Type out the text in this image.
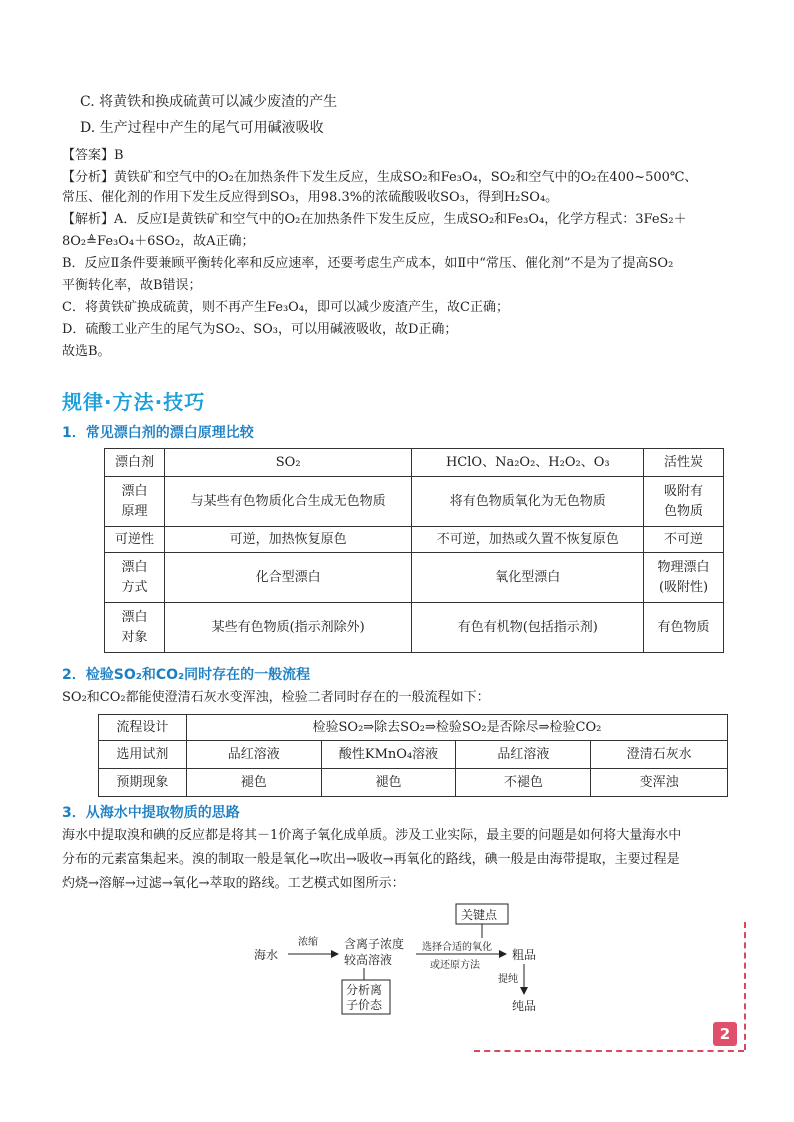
C. 将黄铁和换成硫黄可以减少废渣的产生
D. 生产过程中产生的尾气可用碱液吸收
【答案】B
【分析】黄铁矿和空气中的O₂在加热条件下发生反应，生成SO₂和Fe₃O₄，SO₂和空气中的O₂在400~500℃、
常压、催化剂的作用下发生反应得到SO₃，用98.3%的浓硫酸吸收SO₃，得到H₂SO₄。
【解析】A．反应Ⅰ是黄铁矿和空气中的O₂在加热条件下发生反应，生成SO₂和Fe₃O₄，化学方程式：3FeS₂＋
8O₂≜Fe₃O₄＋6SO₂，故A正确；
B．反应Ⅱ条件要兼顾平衡转化率和反应速率，还要考虑生产成本，如Ⅱ中“常压、催化剂”不是为了提高SO₂
平衡转化率，故B错误；
C．将黄铁矿换成硫黄，则不再产生Fe₃O₄，即可以减少废渣产生，故C正确；
D．硫酸工业产生的尾气为SO₂、SO₃，可以用碱液吸收，故D正确；
故选B。
规律·方法·技巧
1．常见漂白剂的漂白原理比较
漂白剂	SO₂	HClO、Na₂O₂、H₂O₂、O₃	活性炭
漂白
原理	与某些有色物质化合生成无色物质	将有色物质氧化为无色物质	吸附有
色物质
可逆性	可逆，加热恢复原色	不可逆，加热或久置不恢复原色	不可逆
漂白
方式	化合型漂白	氧化型漂白	物理漂白
(吸附性)
漂白
对象	某些有色物质(指示剂除外)	有色有机物(包括指示剂)	有色物质
2．检验SO₂和CO₂同时存在的一般流程
SO₂和CO₂都能使澄清石灰水变浑浊，检验二者同时存在的一般流程如下：
流程设计	检验SO₂⇒除去SO₂⇒检验SO₂是否除尽⇒检验CO₂			
选用试剂	品红溶液	酸性KMnO₄溶液	品红溶液	澄清石灰水
预期现象	褪色	褪色	不褪色	变浑浊
3．从海水中提取物质的思路
海水中提取溴和碘的反应都是将其－1价离子氧化成单质。涉及工业实际，最主要的问题是如何将大量海水中
分布的元素富集起来。溴的制取一般是氧化→吹出→吸收→再氧化的路线，碘一般是由海带提取，主要过程是
灼烧→溶解→过滤→氧化→萃取的路线。工艺模式如图所示：
海水
浓缩 含离子浓度
较高溶液
分析离
子价态
关键点
选择合适的氧化
或还原方法
粗品
提纯
纯品
2
